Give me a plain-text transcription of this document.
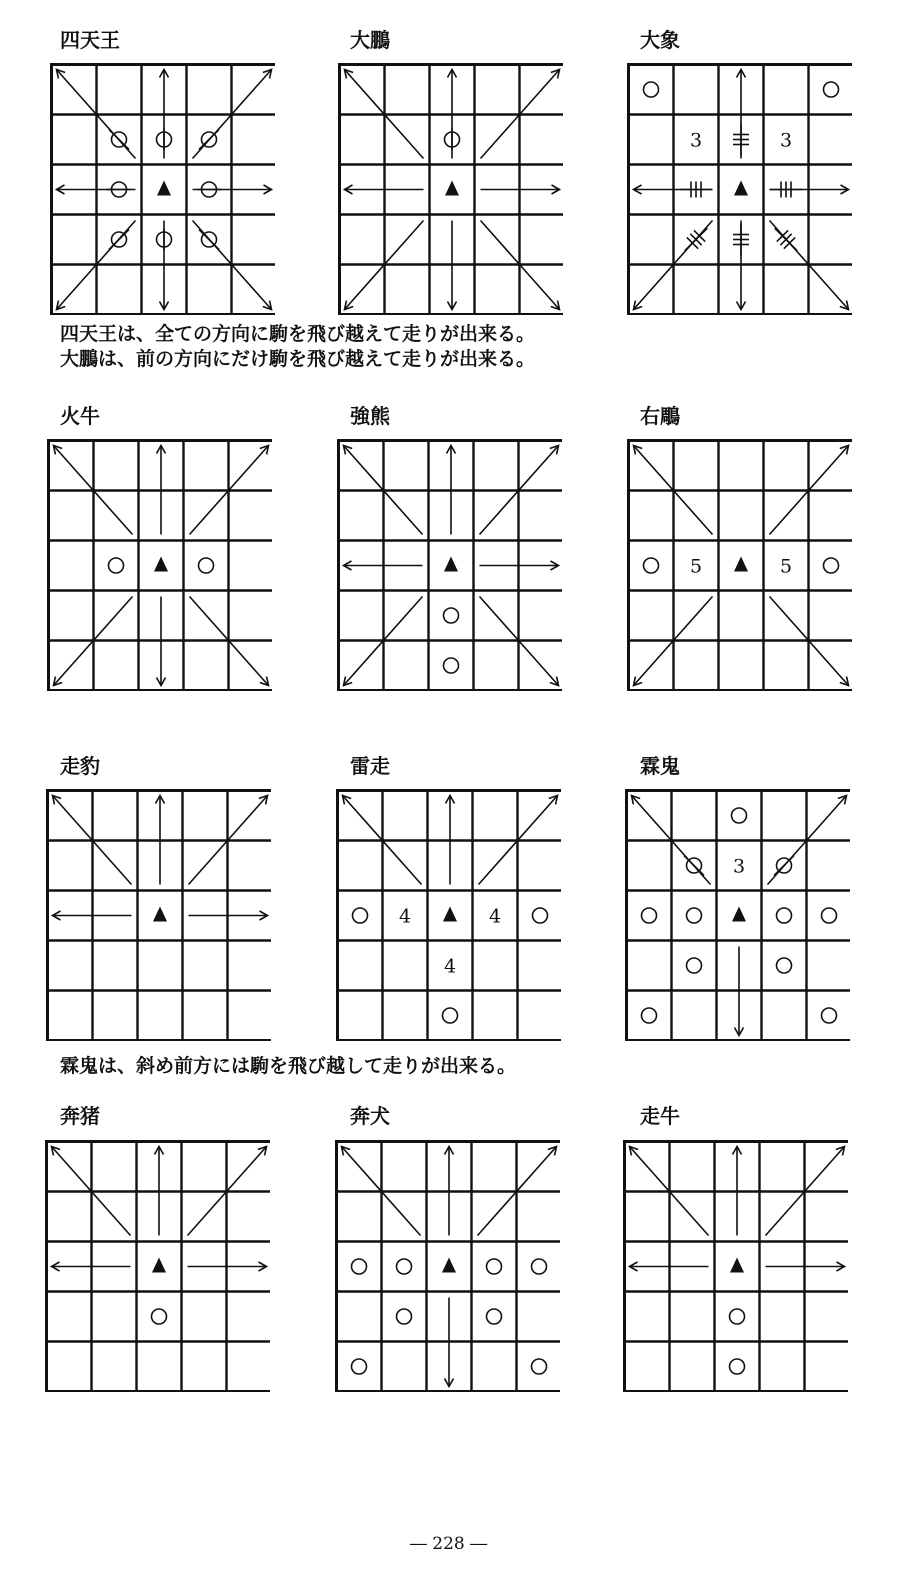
四天王	大鵬	大象
3	3
四天王は、全ての方向に駒を飛び越えて走りが出来る。
大鵬は、前の方向にだけ駒を飛び越えて走りが出来る。
火牛	強熊	右鵰
5	5
走豹	雷走	霖鬼
4	4
4
3
霖鬼は、斜め前方には駒を飛び越して走りが出来る。
奔猪	奔犬	走牛
― 228 ―
